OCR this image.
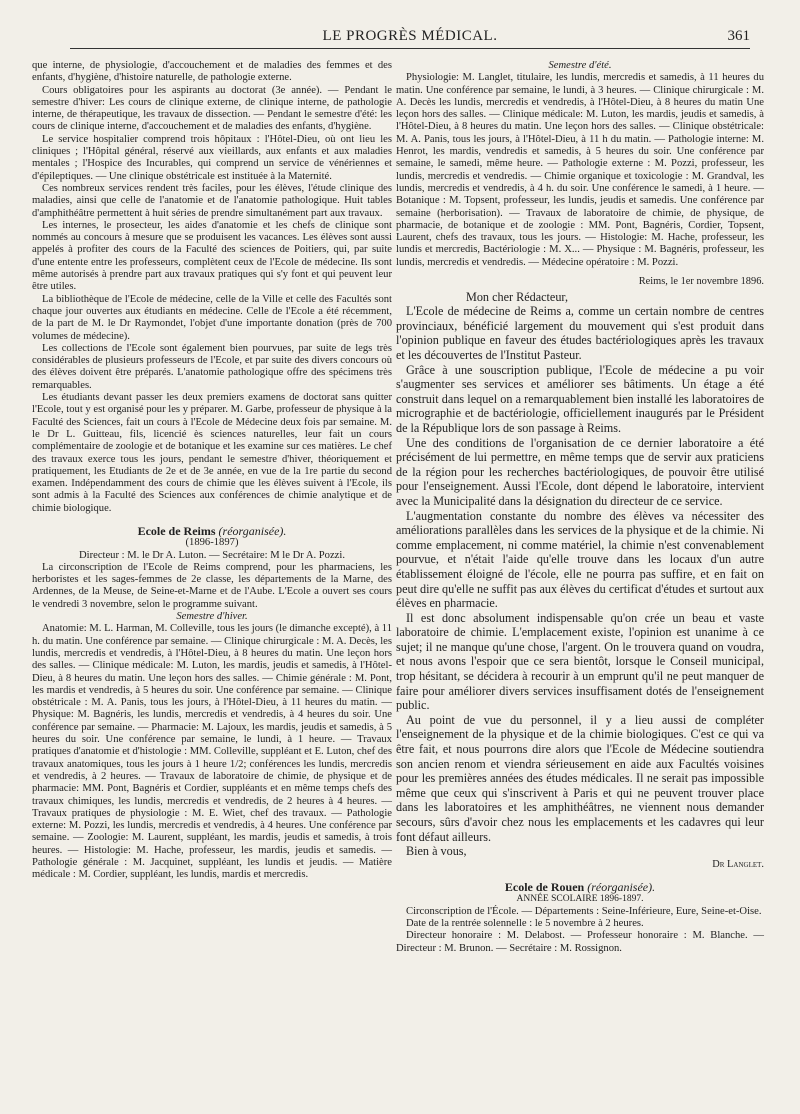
LE PROGRÈS MÉDICAL.	361

que interne, de physiologie, d'accouchement et de maladies des femmes et des enfants, d'hygiène, d'histoire naturelle, de pathologie externe.

Cours obligatoires pour les aspirants au doctorat (3e année). — Pendant le semestre d'hiver: Les cours de clinique externe, de clinique interne, de pathologie interne, de thérapeutique, les travaux de dissection. — Pendant le semestre d'été: les cours de clinique interne, d'accouchement et de maladies des enfants, d'hygiène.

Le service hospitalier comprend trois hôpitaux : l'Hôtel-Dieu, où ont lieu les cliniques ; l'Hôpital général, réservé aux vieillards, aux enfants et aux maladies mentales ; l'Hospice des Incurables, qui comprend un service de vénériennes et d'épileptiques. — Une clinique obstétricale est instituée à la Maternité.

Ces nombreux services rendent très faciles, pour les élèves, l'étude clinique des maladies, ainsi que celle de l'anatomie et de l'anatomie pathologique. Huit tables d'amphithéâtre permettent à huit séries de prendre simultanément part aux travaux.

Les internes, le prosecteur, les aides d'anatomie et les chefs de clinique sont nommés au concours à mesure que se produisent les vacances. Les élèves sont aussi appelés à profiter des cours de la Faculté des sciences de Poitiers, qui, par suite d'une entente entre les professeurs, complètent ceux de l'Ecole de médecine. Ils sont même autorisés à prendre part aux travaux pratiques qui s'y font et qui peuvent leur être utiles.

La bibliothèque de l'Ecole de médecine, celle de la Ville et celle des Facultés sont chaque jour ouvertes aux étudiants en médecine. Celle de l'Ecole a été récemment, de la part de M. le Dr Raymondet, l'objet d'une importante donation (près de 700 volumes de médecine).

Les collections de l'Ecole sont également bien pourvues, par suite de legs très considérables de plusieurs professeurs de l'Ecole, et par suite des divers concours où des élèves doivent être préparés. L'anatomie pathologique offre des spécimens très remarquables.

Les étudiants devant passer les deux premiers examens de doctorat sans quitter l'Ecole, tout y est organisé pour les y préparer. M. Garbe, professeur de physique à la Faculté des Sciences, fait un cours à l'Ecole de Médecine deux fois par semaine. M. le Dr L. Guitteau, fils, licencié ès sciences naturelles, leur fait un cours complémentaire de zoologie et de botanique et les examine sur ces matières. Le chef des travaux exerce tous les jours, pendant le semestre d'hiver, théoriquement et pratiquement, les Etudiants de 2e et de 3e année, en vue de la 1re partie du second examen. Indépendamment des cours de chimie que les élèves suivent à l'Ecole, ils sont admis à la Faculté des Sciences aux conférences de chimie analytique et de chimie biologique.

Ecole de Reims (réorganisée).

(1896-1897)

Directeur : M. le Dr A. Luton. — Secrétaire: M le Dr A. Pozzi.

La circonscription de l'Ecole de Reims comprend, pour les pharmaciens, les herboristes et les sages-femmes de 2e classe, les départements de la Marne, des Ardennes, de la Meuse, de Seine-et-Marne et de l'Aube. L'Ecole a ouvert ses cours le vendredi 3 novembre, selon le programme suivant.

Semestre d'hiver.

Anatomie: M. L. Harman, M. Colleville, tous les jours (le dimanche excepté), à 11 h. du matin. Une conférence par semaine. — Clinique chirurgicale : M. A. Decès, les lundis, mercredis et vendredis, à l'Hôtel-Dieu, à 8 heures du matin. Une leçon hors des salles. — Clinique médicale: M. Luton, les mardis, jeudis et samedis, à l'Hôtel-Dieu, à 8 heures du matin. Une leçon hors des salles. — Chimie générale : M. Pont, les mardis et vendredis, à 5 heures du soir. Une conférence par semaine. — Clinique obstétricale : M. A. Panis, tous les jours, à l'Hôtel-Dieu, à 11 heures du matin. — Physique: M. Bagnéris, les lundis, mercredis et vendredis, à 4 heures du soir. Une conférence par semaine. — Pharmacie: M. Lajoux, les mardis, jeudis et samedis, à 5 heures du soir. Une conférence par semaine, le lundi, à 1 heure. — Travaux pratiques d'anatomie et d'histologie : MM. Colleville, suppléant et E. Luton, chef des travaux anatomiques, tous les jours à 1 heure 1/2; conférences les lundis, mercredis et vendredis, à 2 heures. — Travaux de laboratoire de chimie, de physique et de pharmacie: MM. Pont, Bagnéris et Cordier, suppléants et en même temps chefs des travaux chimiques, les lundis, mercredis et vendredis, de 2 heures à 4 heures. — Travaux pratiques de physiologie : M. E. Wiet, chef des travaux. — Pathologie externe: M. Pozzi, les lundis, mercredis et vendredis, à 4 heures. Une conférence par semaine. — Zoologie: M. Laurent, suppléant, les mardis, jeudis et samedis, à trois heures. — Histologie: M. Hache, professeur, les mardis, jeudis et samedis. — Pathologie générale : M. Jacquinet, suppléant, les lundis et jeudis. — Matière médicale : M. Cordier, suppléant, les lundis, mardis et mercredis.

Semestre d'été.

Physiologie: M. Langlet, titulaire, les lundis, mercredis et samedis, à 11 heures du matin. Une conférence par semaine, le lundi, à 3 heures. — Clinique chirurgicale : M. A. Decès les lundis, mercredis et vendredis, à l'Hôtel-Dieu, à 8 heures du matin Une leçon hors des salles. — Clinique médicale: M. Luton, les mardis, jeudis et samedis, à l'Hôtel-Dieu, à 8 heures du matin. Une leçon hors des salles. — Clinique obstétricale: M. A. Panis, tous les jours, à l'Hôtel-Dieu, à 11 h du matin. — Pathologie interne: M. Henrot, les mardis, vendredis et samedis, à 5 heures du soir. Une conférence par semaine, le samedi, même heure. — Pathologie externe : M. Pozzi, professeur, les lundis, mercredis et vendredis. — Chimie organique et toxicologie : M. Grandval, les lundis, mercredis et vendredis, à 4 h. du soir. Une conférence le samedi, à 1 heure. — Botanique : M. Topsent, professeur, les lundis, jeudis et samedis. Une conférence par semaine (herborisation). — Travaux de laboratoire de chimie, de physique, de pharmacie, de botanique et de zoologie : MM. Pont, Bagnéris, Cordier, Topsent, Laurent, chefs des travaux, tous les jours. — Histologie: M. Hache, professeur, les lundis et mercredis, Bactériologie : M. X... — Physique : M. Bagnéris, professeur, les lundis, mercredis et vendredis. — Médecine opératoire : M. Pozzi.

Reims, le 1er novembre 1896.

Mon cher Rédacteur,

L'Ecole de médecine de Reims a, comme un certain nombre de centres provinciaux, bénéficié largement du mouvement qui s'est produit dans l'opinion publique en faveur des études bactériologiques après les travaux et les découvertes de l'Institut Pasteur.

Grâce à une souscription publique, l'Ecole de médecine a pu voir s'augmenter ses services et améliorer ses bâtiments. Un étage a été construit dans lequel on a remarquablement bien installé les laboratoires de micrographie et de bactériologie, officiellement inaugurés par le Président de la République lors de son passage à Reims.

Une des conditions de l'organisation de ce dernier laboratoire a été précisément de lui permettre, en même temps que de servir aux praticiens de la région pour les recherches bactériologiques, de pouvoir être utilisé pour l'enseignement. Aussi l'Ecole, dont dépend le laboratoire, intervient avec la Municipalité dans la désignation du directeur de ce service.

L'augmentation constante du nombre des élèves va nécessiter des améliorations parallèles dans les services de la physique et de la chimie. Ni comme emplacement, ni comme matériel, la chimie n'est convenablement pourvue, et n'était l'aide qu'elle trouve dans les locaux d'un autre établissement éloigné de l'école, elle ne pourra pas suffire, et en fait on peut dire qu'elle ne suffit pas aux élèves du certificat d'études et surtout aux élèves en pharmacie.

Il est donc absolument indispensable qu'on crée un beau et vaste laboratoire de chimie. L'emplacement existe, l'opinion est unanime à ce sujet; il ne manque qu'une chose, l'argent. On le trouvera quand on voudra, et nous avons l'espoir que ce sera bientôt, lorsque le Conseil municipal, trop hésitant, se décidera à recourir à un emprunt qu'il ne peut manquer de faire pour améliorer divers services insuffisament dotés de l'enseignement public.

Au point de vue du personnel, il y a lieu aussi de compléter l'enseignement de la physique et de la chimie biologiques. C'est ce qui va être fait, et nous pourrons dire alors que l'Ecole de Médecine soutiendra son ancien renom et viendra sérieusement en aide aux Facultés voisines pour les premières années des études médicales. Il ne serait pas impossible même que ceux qui s'inscrivent à Paris et qui ne peuvent trouver place dans les laboratoires et les amphithéâtres, ne viennent nous demander secours, sûrs d'avoir chez nous les emplacements et les cadavres qui leur font défaut ailleurs.

Bien à vous,

Dr Langlet.

Ecole de Rouen (réorganisée).

ANNÉE SCOLAIRE 1896-1897.

Circonscription de l'École. — Départements : Seine-Inférieure, Eure, Seine-et-Oise.

Date de la rentrée solennelle : le 5 novembre à 2 heures.

Directeur honoraire : M. Delabost. — Professeur honoraire : M. Blanche. — Directeur : M. Brunon. — Secrétaire : M. Rossignon.
